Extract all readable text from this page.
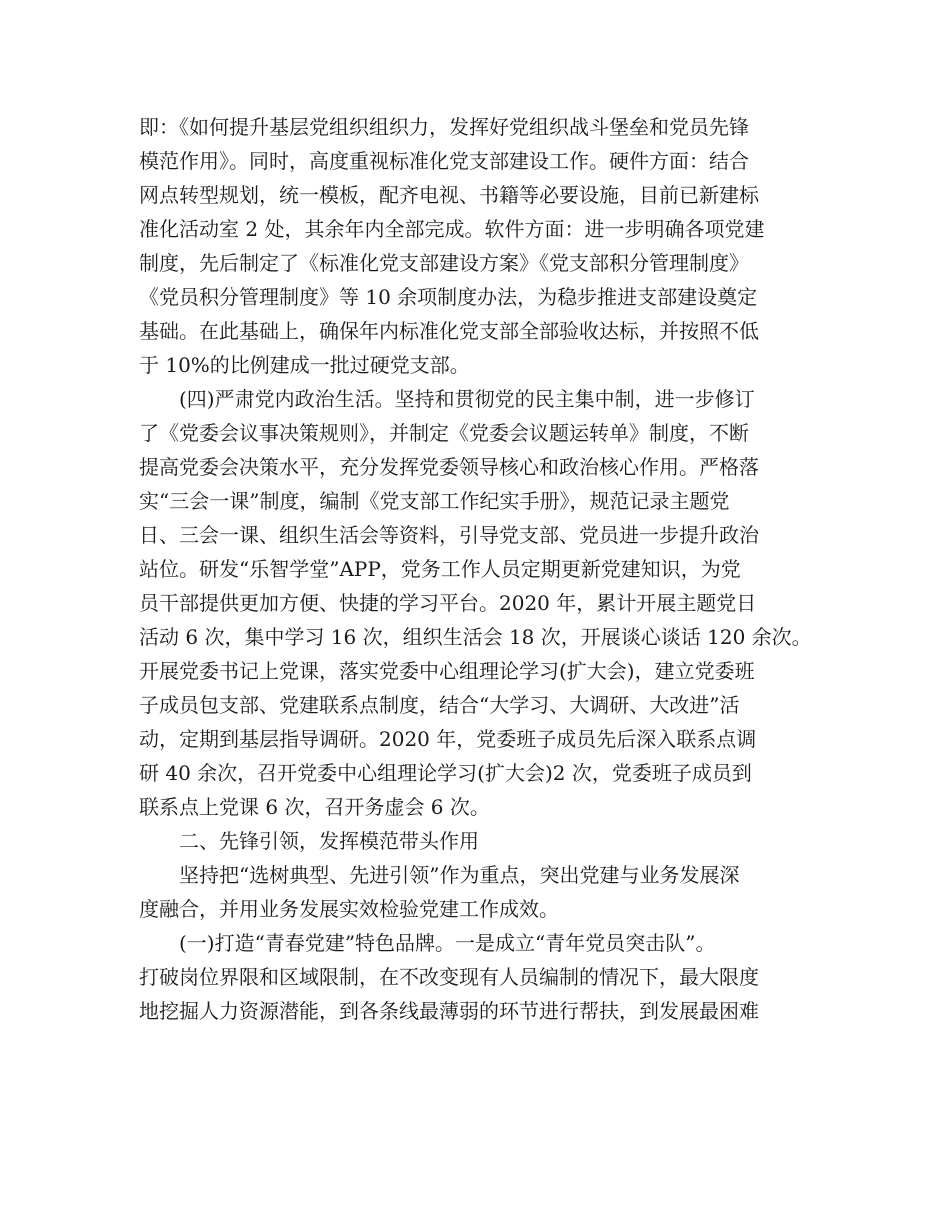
即：《如何提升基层党组织组织力，发挥好党组织战斗堡垒和党员先锋
模范作用》。同时，高度重视标准化党支部建设工作。硬件方面：结合
网点转型规划，统一模板，配齐电视、书籍等必要设施，目前已新建标
准化活动室 2 处，其余年内全部完成。软件方面：进一步明确各项党建
制度，先后制定了《标准化党支部建设方案》《党支部积分管理制度》
《党员积分管理制度》等 10 余项制度办法，为稳步推进支部建设奠定
基础。在此基础上，确保年内标准化党支部全部验收达标，并按照不低
于 10%的比例建成一批过硬党支部。
(四)严肃党内政治生活。坚持和贯彻党的民主集中制，进一步修订
了《党委会议事决策规则》，并制定《党委会议题运转单》制度，不断
提高党委会决策水平，充分发挥党委领导核心和政治核心作用。严格落
实“三会一课”制度，编制《党支部工作纪实手册》，规范记录主题党
日、三会一课、组织生活会等资料，引导党支部、党员进一步提升政治
站位。研发“乐智学堂”APP，党务工作人员定期更新党建知识，为党
员干部提供更加方便、快捷的学习平台。2020 年，累计开展主题党日
活动 6 次，集中学习 16 次，组织生活会 18 次，开展谈心谈话 120 余次。
开展党委书记上党课，落实党委中心组理论学习(扩大会)，建立党委班
子成员包支部、党建联系点制度，结合“大学习、大调研、大改进”活
动，定期到基层指导调研。2020 年，党委班子成员先后深入联系点调
研 40 余次，召开党委中心组理论学习(扩大会)2 次，党委班子成员到
联系点上党课 6 次，召开务虚会 6 次。
二、先锋引领，发挥模范带头作用
坚持把“选树典型、先进引领”作为重点，突出党建与业务发展深
度融合，并用业务发展实效检验党建工作成效。
(一)打造“青春党建”特色品牌。一是成立“青年党员突击队”。
打破岗位界限和区域限制，在不改变现有人员编制的情况下，最大限度
地挖掘人力资源潜能，到各条线最薄弱的环节进行帮扶，到发展最困难
